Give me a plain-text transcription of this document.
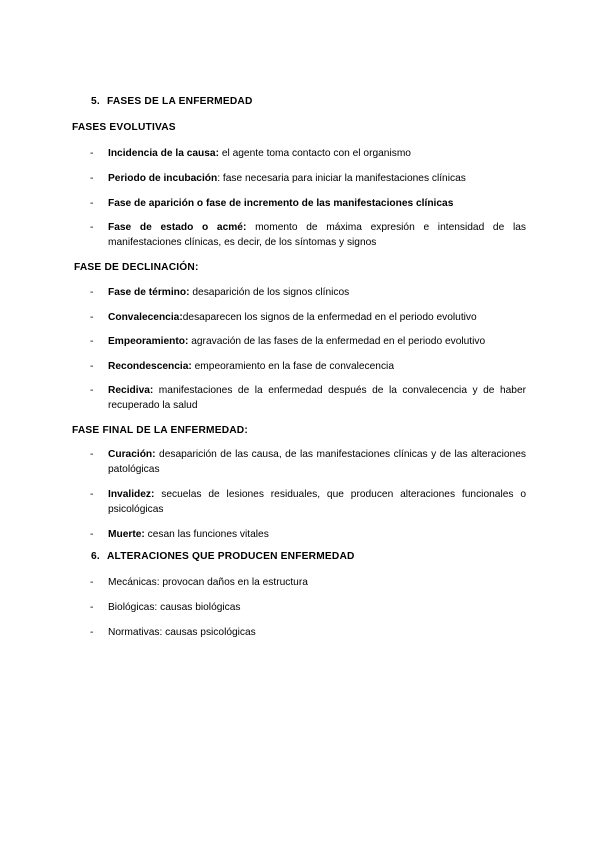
5. FASES DE LA ENFERMEDAD
FASES EVOLUTIVAS
- Incidencia de la causa: el agente toma contacto con el organismo
- Periodo de incubación: fase necesaria para iniciar la manifestaciones clínicas
- Fase de aparición o fase de incremento de las manifestaciones clínicas
- Fase de estado o acmé: momento de máxima expresión e intensidad de las manifestaciones clínicas, es decir, de los síntomas y signos
FASE DE DECLINACIÓN:
- Fase de término: desaparición de los signos clínicos
- Convalecencia:desaparecen los signos de la enfermedad en el periodo evolutivo
- Empeoramiento: agravación de las fases de la enfermedad en el periodo evolutivo
- Recondescencia: empeoramiento en la fase de convalecencia
- Recidiva: manifestaciones de la enfermedad después de la convalecencia y de haber recuperado la salud
FASE FINAL DE LA ENFERMEDAD:
- Curación: desaparición de las causa, de las manifestaciones clínicas y de las alteraciones patológicas
- Invalidez: secuelas de lesiones residuales, que producen alteraciones funcionales o psicológicas
- Muerte: cesan las funciones vitales
6. ALTERACIONES QUE PRODUCEN ENFERMEDAD
- Mecánicas: provocan daños en la estructura
- Biológicas: causas biológicas
- Normativas: causas psicológicas
